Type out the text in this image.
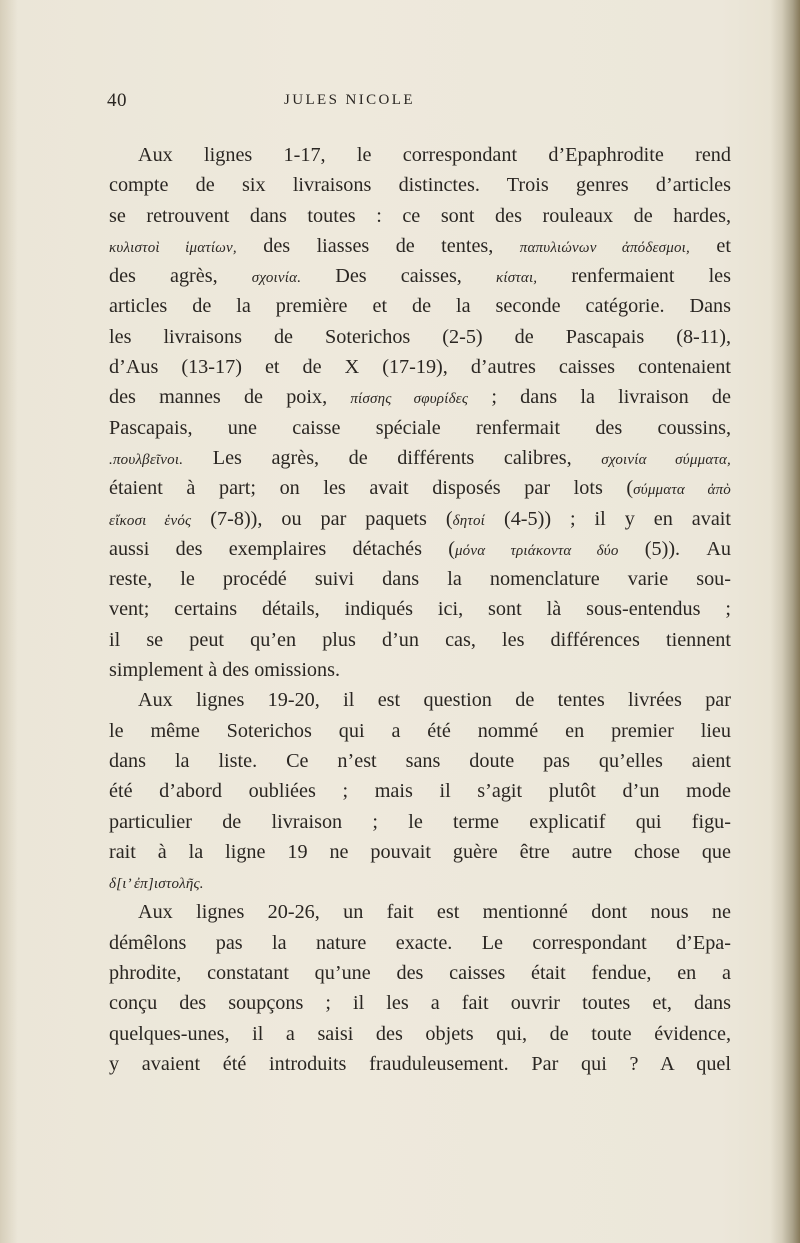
40	JULES NICOLE
Aux lignes 1-17, le correspondant d’Epaphrodite rend
compte de six livraisons distinctes. Trois genres d’articles
se retrouvent dans toutes : ce sont des rouleaux de hardes,
κυλιστοὶ ἱματίων, des liasses de tentes, παπυλιώνων ἀπόδεσμοι, et
des agrès, σχοινία. Des caisses, κίσται, renfermaient les
articles de la première et de la seconde catégorie. Dans
les livraisons de Soterichos (2-5) de Pascapais (8-11),
d’Aus (13-17) et de X (17-19), d’autres caisses contenaient
des mannes de poix, πίσσης σφυρίδες ; dans la livraison de
Pascapais, une caisse spéciale renfermait des coussins,
.πουλβεῖνοι. Les agrès, de différents calibres, σχοινία σύμματα,
étaient à part; on les avait disposés par lots (σύμματα ἀπὸ
εἴκοσι ἑνός (7-8)), ou par paquets (δητοί (4-5)) ; il y en avait
aussi des exemplaires détachés (μόνα τριάκοντα δύο (5)). Au
reste, le procédé suivi dans la nomenclature varie sou-
vent; certains détails, indiqués ici, sont là sous-entendus ;
il se peut qu’en plus d’un cas, les différences tiennent
simplement à des omissions.
Aux lignes 19-20, il est question de tentes livrées par
le même Soterichos qui a été nommé en premier lieu
dans la liste. Ce n’est sans doute pas qu’elles aient
été d’abord oubliées ; mais il s’agit plutôt d’un mode
particulier de livraison ; le terme explicatif qui figu-
rait à la ligne 19 ne pouvait guère être autre chose que
δ[ι’ ἐπ]ιστολῆς.
Aux lignes 20-26, un fait est mentionné dont nous ne
démêlons pas la nature exacte. Le correspondant d’Epa-
phrodite, constatant qu’une des caisses était fendue, en a
conçu des soupçons ; il les a fait ouvrir toutes et, dans
quelques-unes, il a saisi des objets qui, de toute évidence,
y avaient été introduits frauduleusement. Par qui ? A quel
